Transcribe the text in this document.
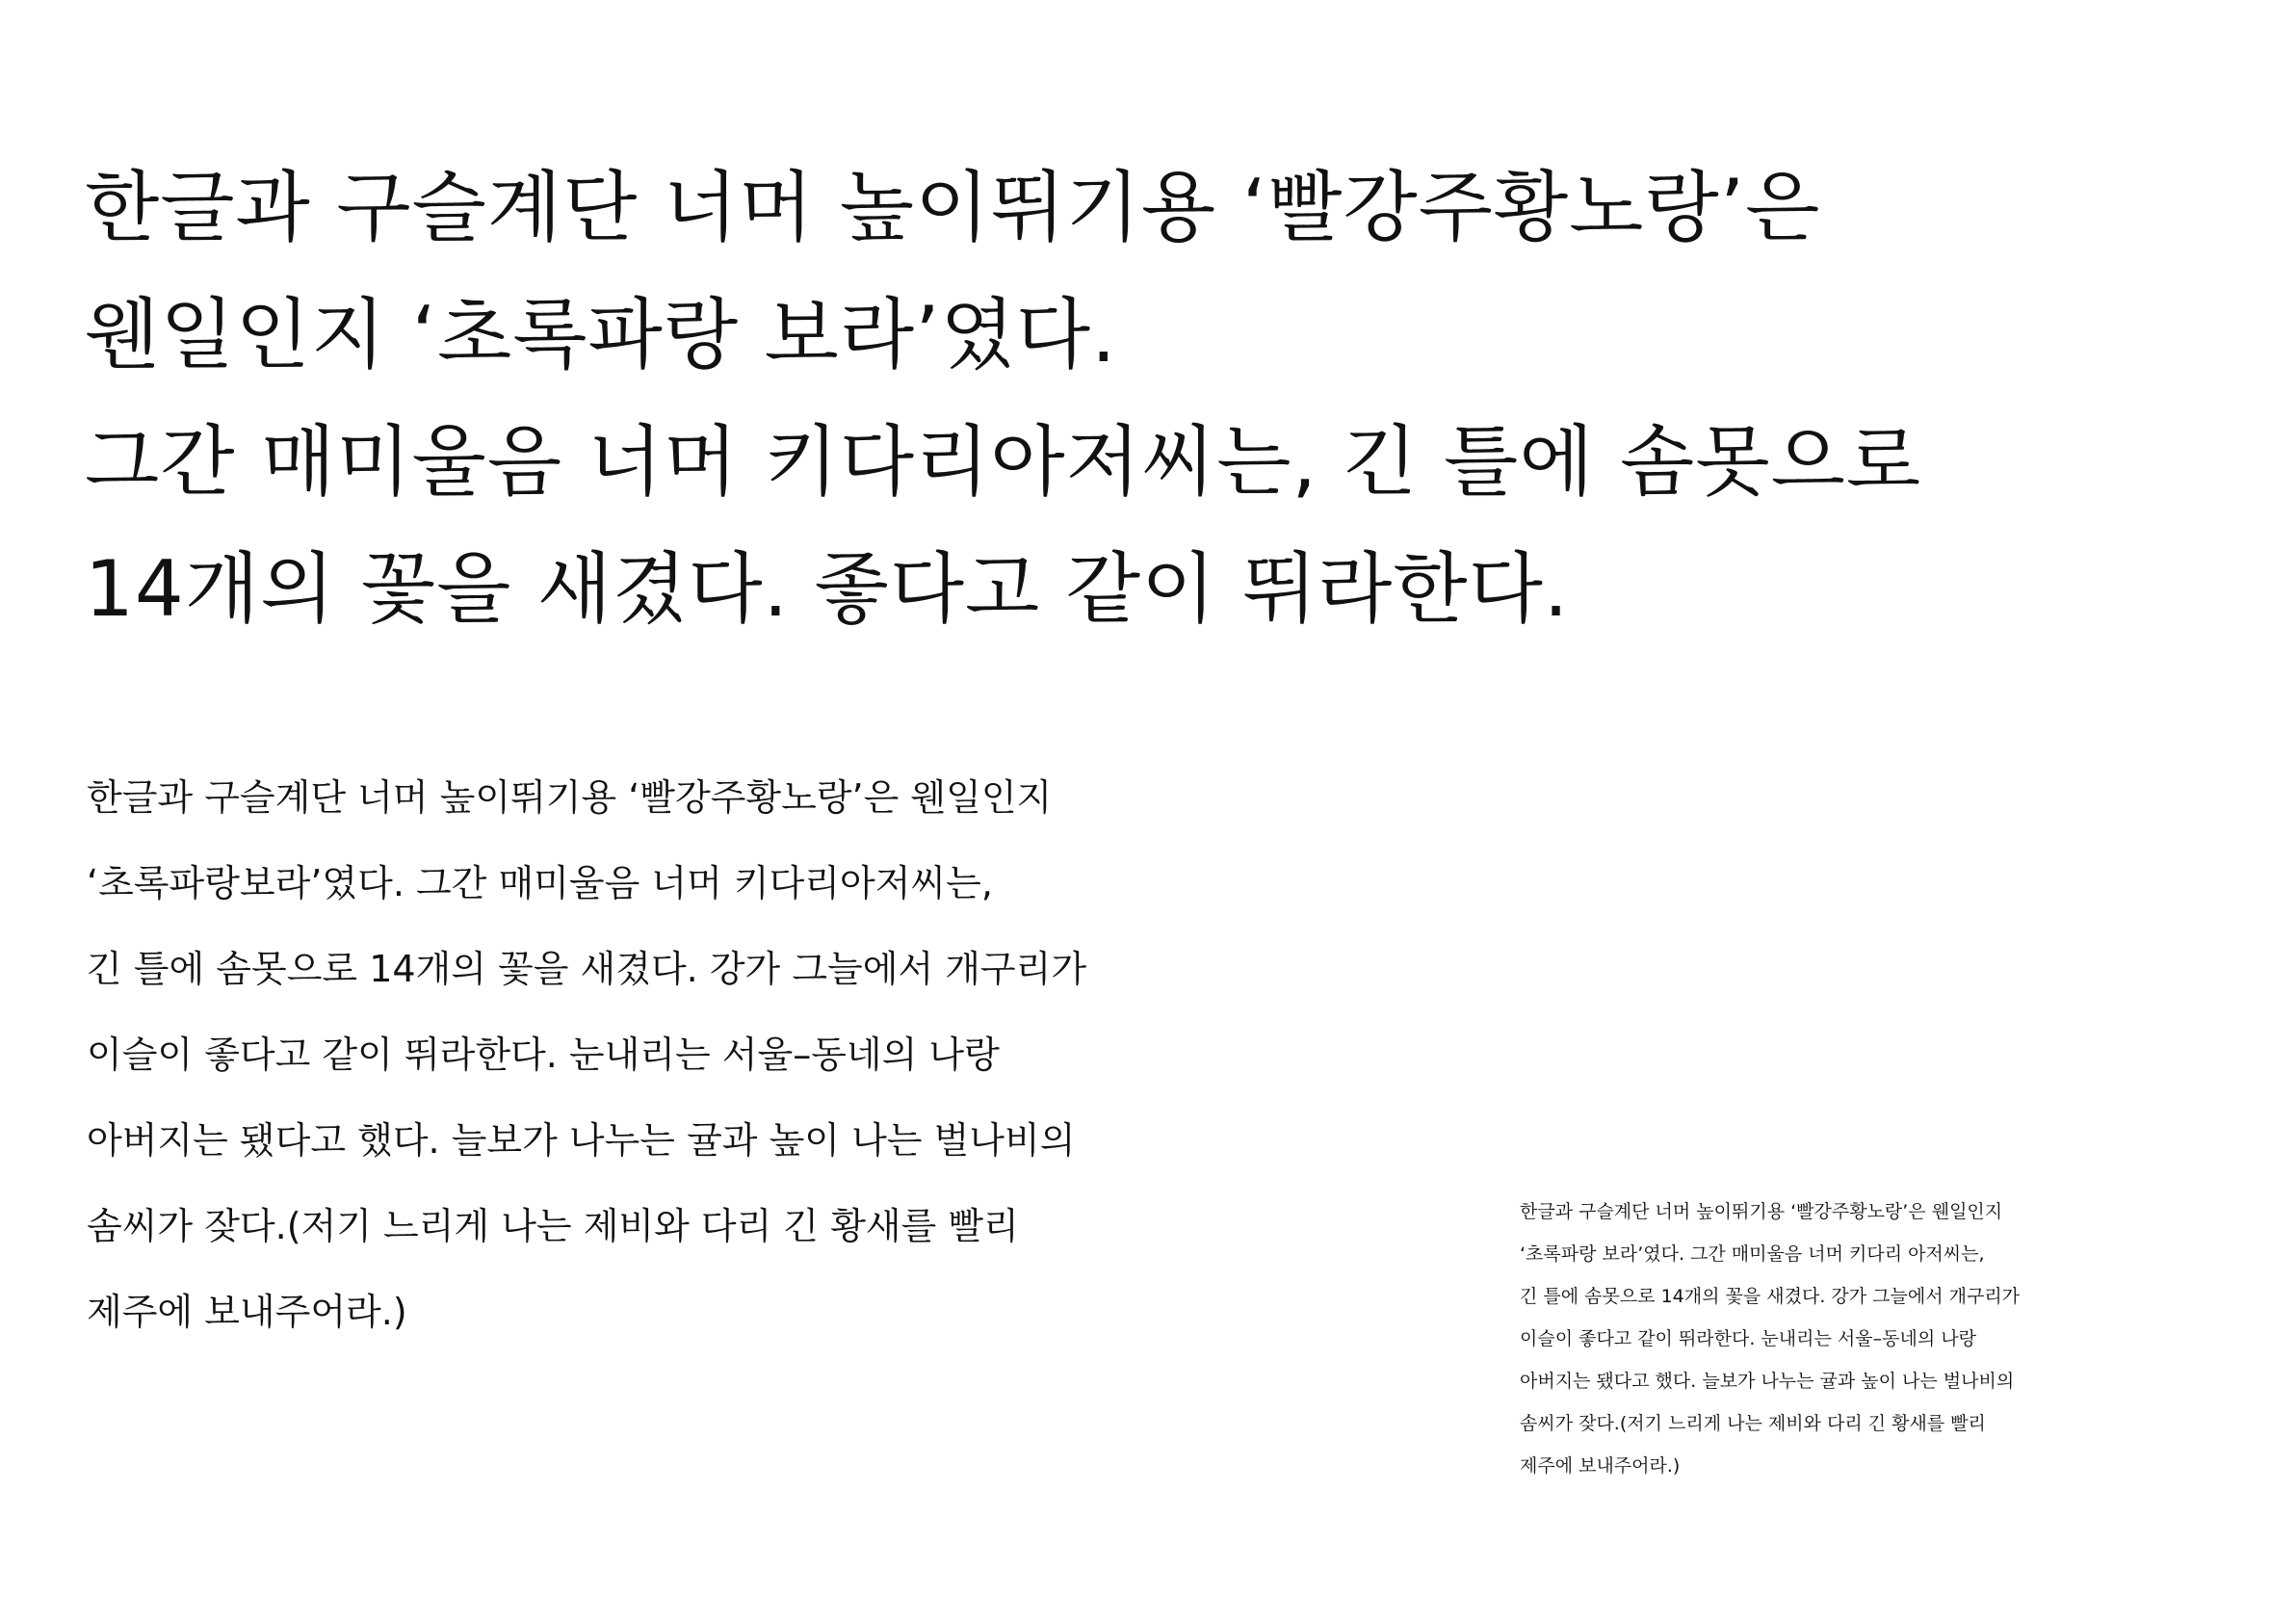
한글과 구슬계단 너머 높이뛰기용 ‘빨강주황노랑’은
웬일인지 ‘초록파랑 보라’였다.
그간 매미울음 너머 키다리아저씨는, 긴 틀에 솜못으로
14개의 꽃을 새겼다. 좋다고 같이 뛰라한다.
한글과 구슬계단 너머 높이뛰기용 ‘빨강주황노랑’은 웬일인지
‘초록파랑보라’였다. 그간 매미울음 너머 키다리아저씨는,
긴 틀에 솜못으로 14개의 꽃을 새겼다. 강가 그늘에서 개구리가
이슬이 좋다고 같이 뛰라한다. 눈내리는 서울–동네의 나랑
아버지는 됐다고 했다. 늘보가 나누는 귤과 높이 나는 벌나비의
솜씨가 잦다.(저기 느리게 나는 제비와 다리 긴 황새를 빨리
제주에 보내주어라.)
한글과 구슬계단 너머 높이뛰기용 ‘빨강주황노랑’은 웬일인지
‘초록파랑 보라’였다. 그간 매미울음 너머 키다리 아저씨는,
긴 틀에 솜못으로 14개의 꽃을 새겼다. 강가 그늘에서 개구리가
이슬이 좋다고 같이 뛰라한다. 눈내리는 서울–동네의 나랑
아버지는 됐다고 했다. 늘보가 나누는 귤과 높이 나는 벌나비의
솜씨가 잦다.(저기 느리게 나는 제비와 다리 긴 황새를 빨리
제주에 보내주어라.)
